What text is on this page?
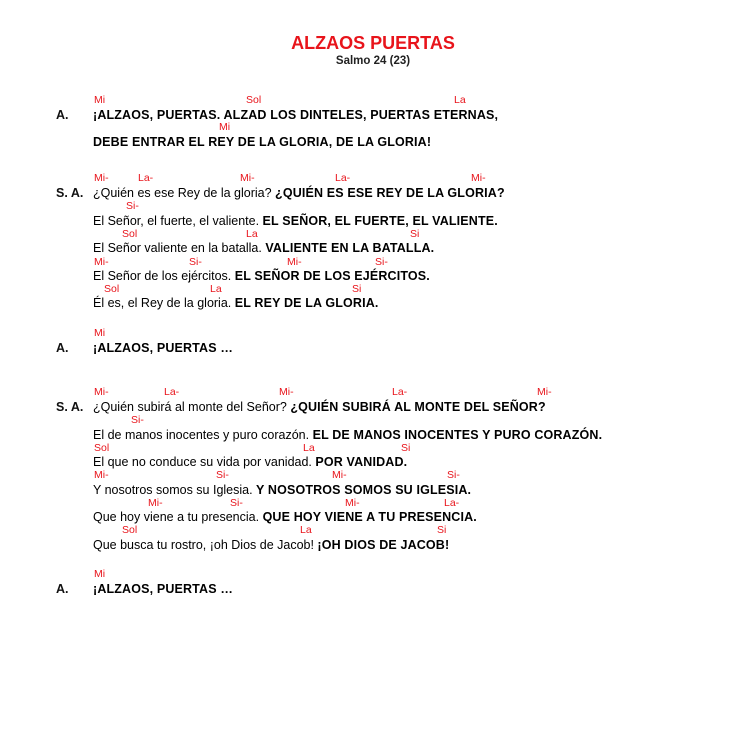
ALZAOS PUERTAS
Salmo 24 (23)
A.
Mi	Sol	La
¡ALZAOS, PUERTAS. ALZAD LOS DINTELES, PUERTAS ETERNAS,
Mi
DEBE ENTRAR EL REY DE LA GLORIA, DE LA GLORIA!
S. A.
Mi-	La-	Mi-	La-	Mi-
¿Quién es ese Rey de la gloria? ¿QUIÉN ES ESE REY DE LA GLORIA?
Si-
El Señor, el fuerte, el valiente. EL SEÑOR, EL FUERTE, EL VALIENTE.
Sol	La	Si
El Señor valiente en la batalla. VALIENTE EN LA BATALLA.
Mi-	Si-	Mi-	Si-
El Señor de los ejércitos. EL SEÑOR DE LOS EJÉRCITOS.
Sol	La	Si
Él es, el Rey de la gloria. EL REY DE LA GLORIA.
A.
Mi
¡ALZAOS, PUERTAS …
S. A.
Mi-	La-	Mi-	La-	Mi-
¿Quién subirá al monte del Señor? ¿QUIÉN SUBIRÁ AL MONTE DEL SEÑOR?
Si-
El de manos inocentes y puro corazón. EL DE MANOS INOCENTES Y PURO CORAZÓN.
Sol	La	Si
El que no conduce su vida por vanidad. POR VANIDAD.
Mi-	Si-	Mi-	Si-
Y nosotros somos su Iglesia. Y NOSOTROS SOMOS SU IGLESIA.
Mi-	Si-	Mi-	La-
Que hoy viene a tu presencia. QUE HOY VIENE A TU PRESENCIA.
Sol	La	Si
Que busca tu rostro, ¡oh Dios de Jacob! ¡OH DIOS DE JACOB!
A.
Mi
¡ALZAOS, PUERTAS …
